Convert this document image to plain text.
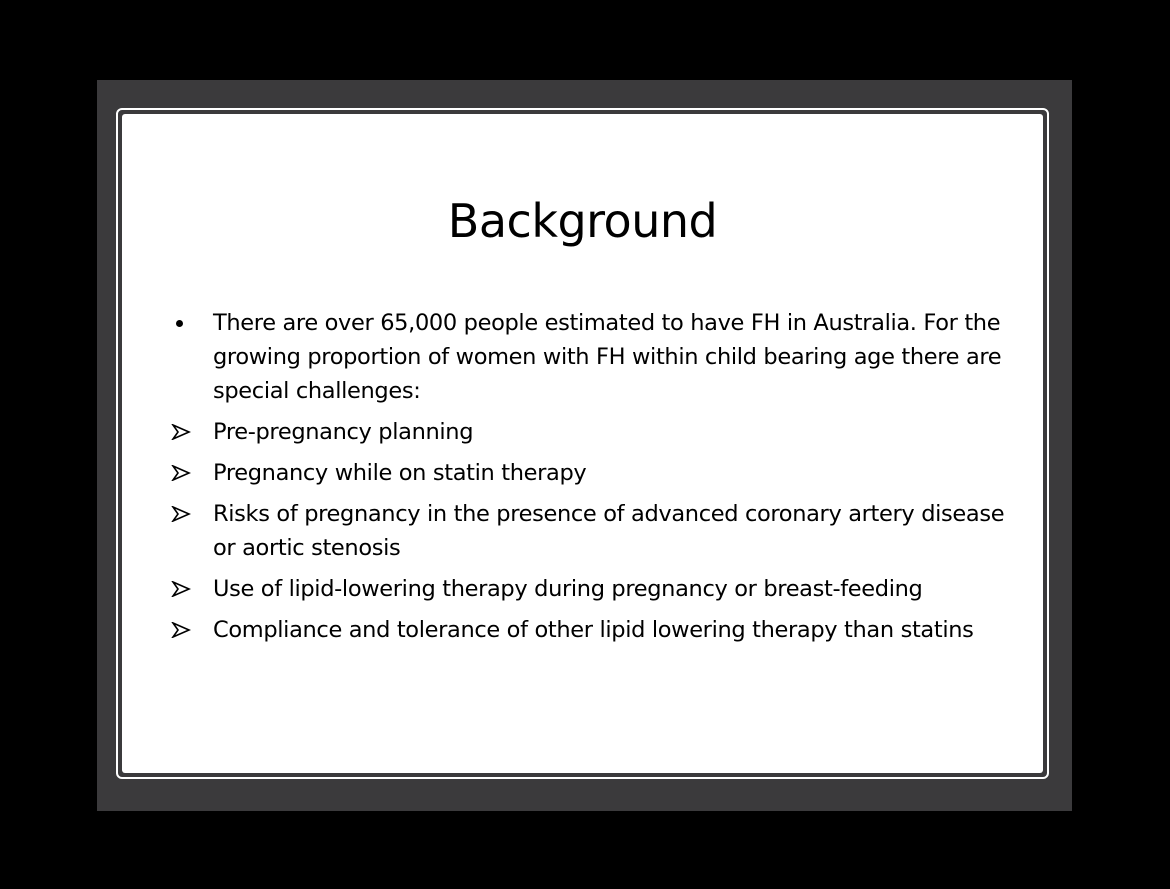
Background
There are over 65,000 people estimated to have FH in Australia. For the growing proportion of women with FH within child bearing age there are special challenges:
Pre-pregnancy planning
Pregnancy while on statin therapy
Risks of pregnancy in the presence of advanced coronary artery disease or aortic stenosis
Use of lipid-lowering therapy during pregnancy or breast-feeding
Compliance and tolerance of other lipid lowering therapy than statins
